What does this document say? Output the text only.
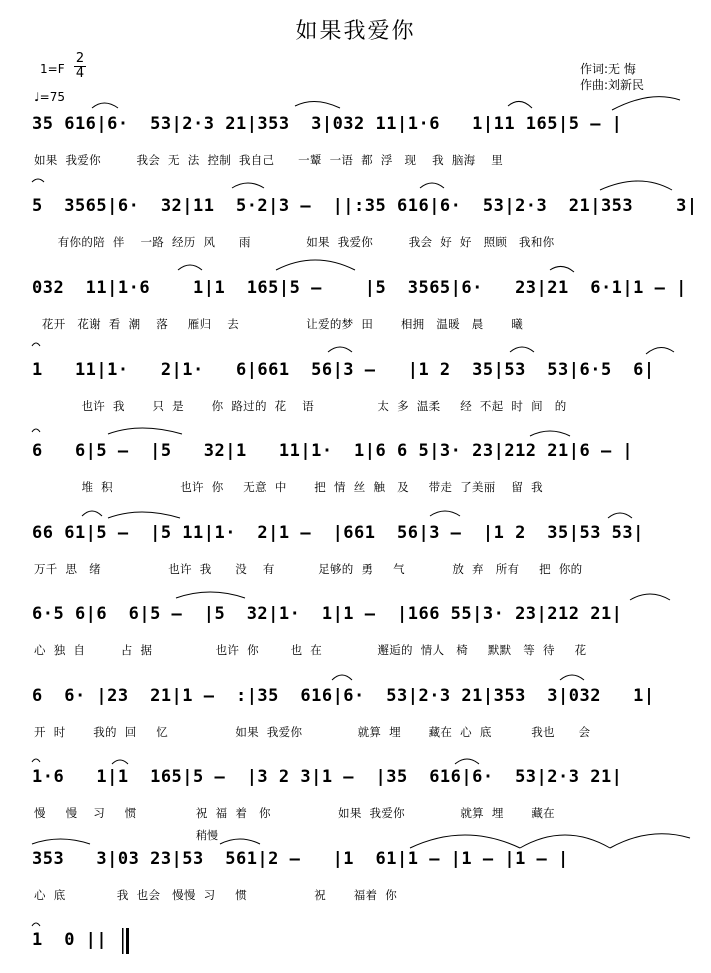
如果我爱你
$1=F \frac{2}{4}$
♩=75
作词:无 悔
作曲:刘新民
35 616|6·  53|2·3 21|353  3|032 11|1·6   1|11 165|5 – |
如果  我爱你         我会  无  法  控制  我自己      一颦  一语  都  浮   现    我  脑海    里
5  3565|6·  32|11  5·2|3 –  ||:35 616|6·  53|2·3  21|353    3|
有你的陪  伴    一路  经历  风      雨              如果  我爱你         我会  好  好   照顾   我和你
032  11|1·6    1|1  165|5 –    |5  3565|6·   23|21  6·1|1 – |
花开   花谢  看  潮    落     雁归    去                 让爱的梦  田       相拥   温暖   晨       曦
1   11|1·   2|1·   6|661  56|3 –   |1 2  35|53  53|6·5  6|
也许  我       只  是       你  路过的  花    语                太  多  温柔     经  不起  时  间   的
6   6|5 –  |5   32|1   11|1·  1|6 6 5|3· 23|212 21|6 – |
堆  积                 也许  你     无意  中       把  情  丝  触   及     带走  了美丽    留  我
66 61|5 –  |5 11|1·  2|1 –  |661  56|3 –  |1 2  35|53 53|
万千  思   绪                 也许  我      没    有           足够的  勇     气            放  弃   所有     把  你的
6·5 6|6  6|5 –  |5  32|1·  1|1 –  |166 55|3· 23|212 21|
心  独  自         占  据                也许  你        也  在              邂逅的  情人   椅     默默   等  待     花
6  6· |23  21|1 –  :|35  616|6·  53|2·3 21|353  3|032   1|
开  时       我的  回     忆                 如果  我爱你              就算  埋       藏在  心  底          我也      会
1·6   1|1  165|5 –  |3 2 3|1 –  |35  616|6·  53|2·3 21|
慢     慢    习     惯               祝  福  着   你                 如果  我爱你              就算  埋       藏在
稍慢
353   3|03 23|53  561|2 –   |1  61|1 – |1 – |1 – |
心  底             我  也会   慢慢  习     惯                 祝       福着  你
1  0 ||
